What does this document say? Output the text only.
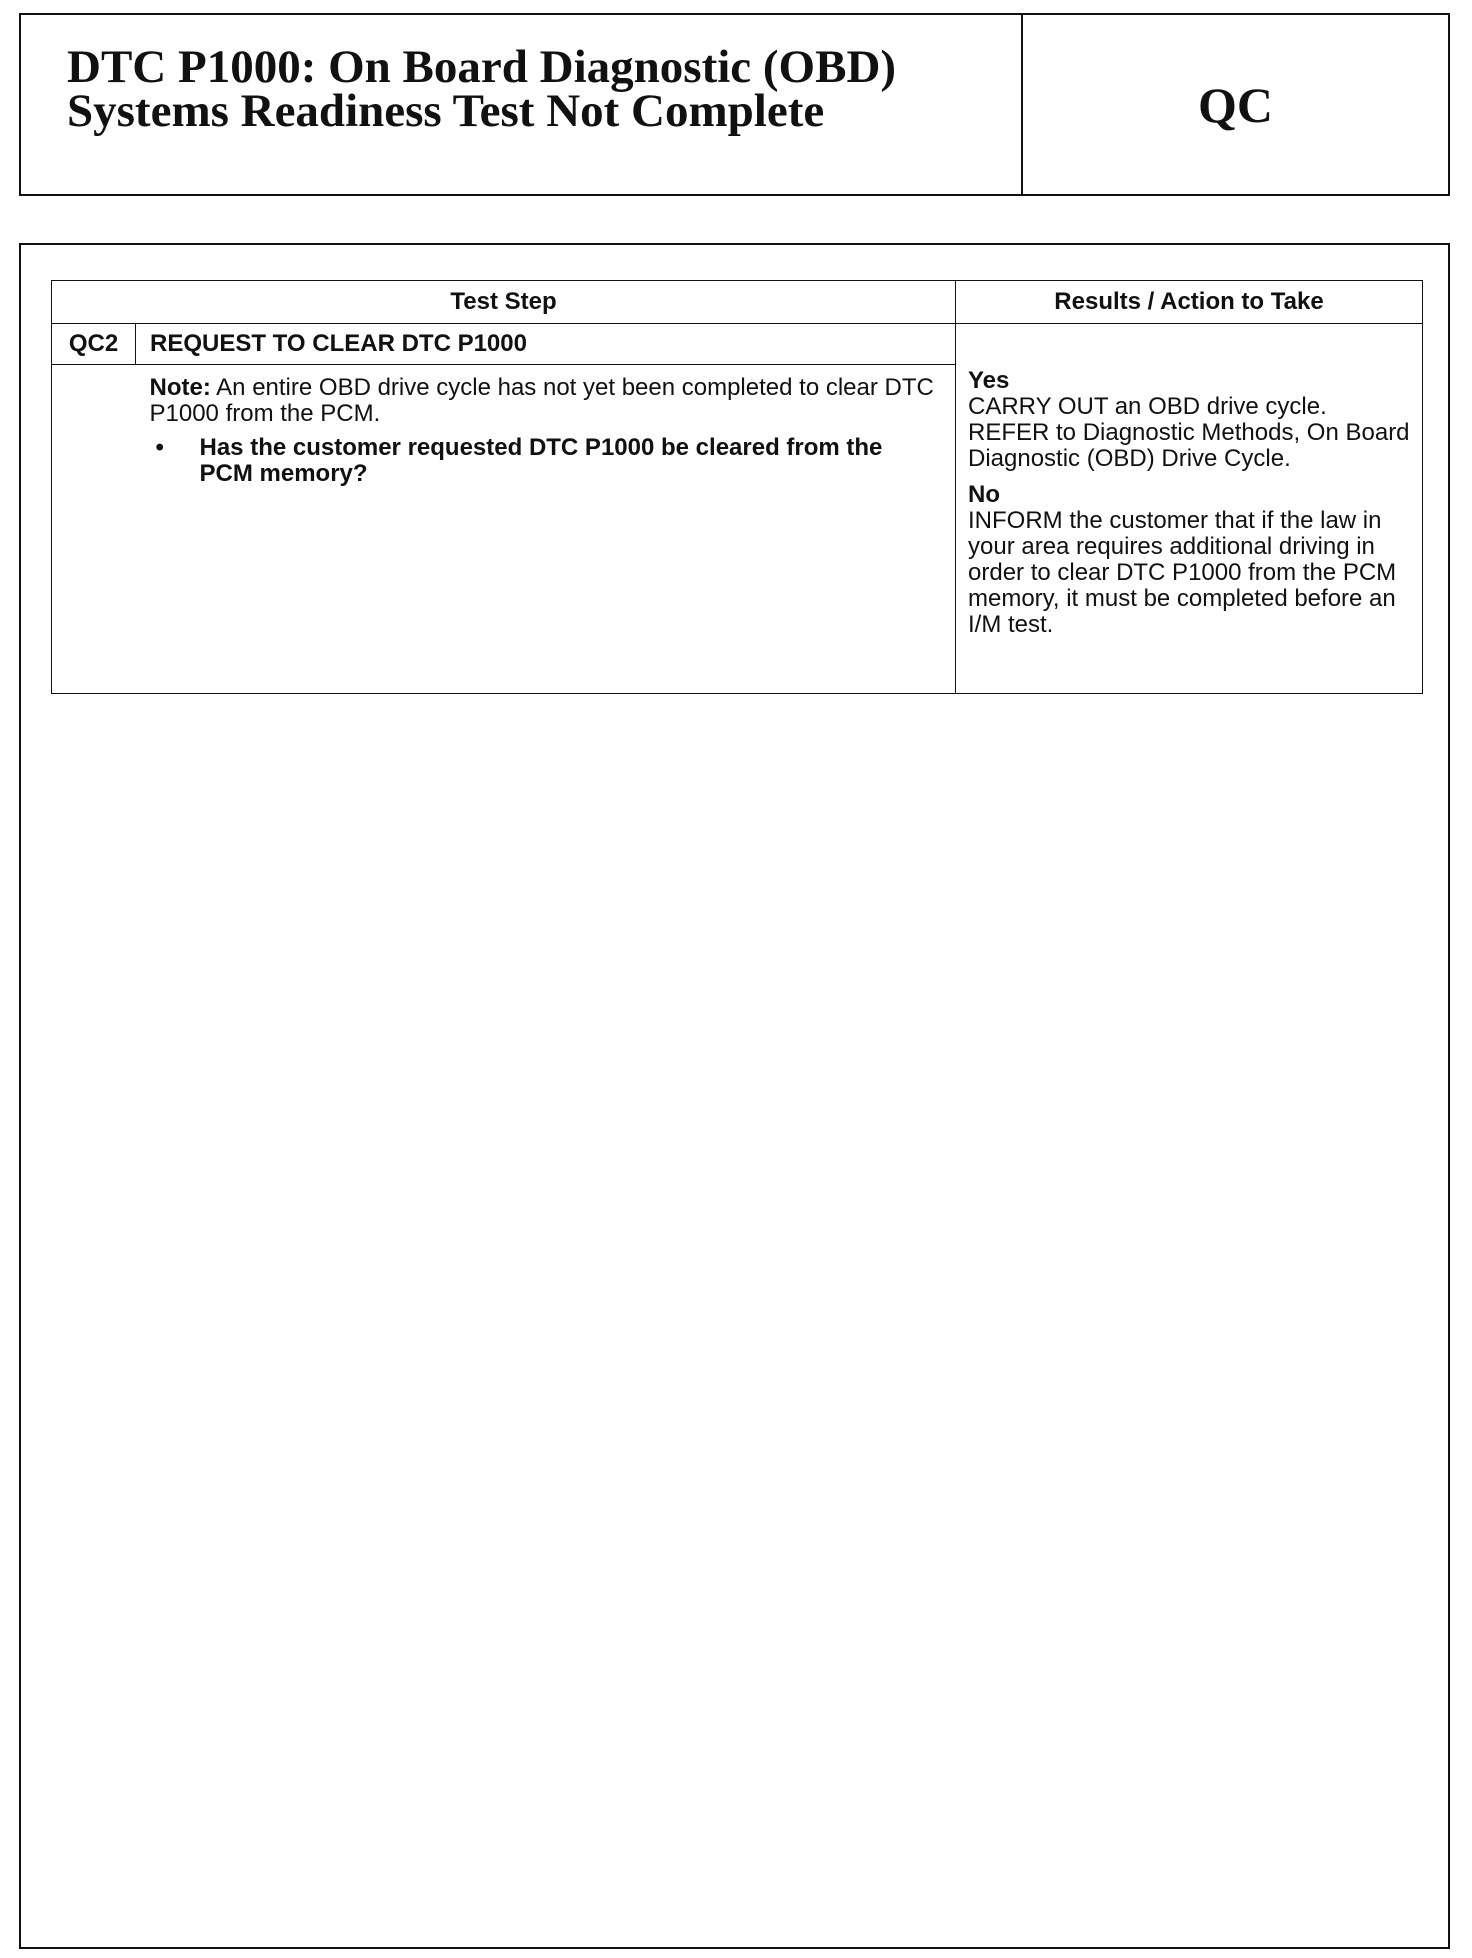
DTC P1000: On Board Diagnostic (OBD) Systems Readiness Test Not Complete	QC
Test Step		Results / Action to Take
QC2	REQUEST TO CLEAR DTC P1000	Yes
CARRY OUT an OBD drive cycle. REFER to Diagnostic Methods, On Board Diagnostic (OBD) Drive Cycle.
No
INFORM the customer that if the law in your area requires additional driving in order to clear DTC P1000 from the PCM memory, it must be completed before an I/M test.

	Note: An entire OBD drive cycle has not yet been completed to clear DTC P1000 from the PCM.
• Has the customer requested DTC P1000 be cleared from the PCM memory?	
